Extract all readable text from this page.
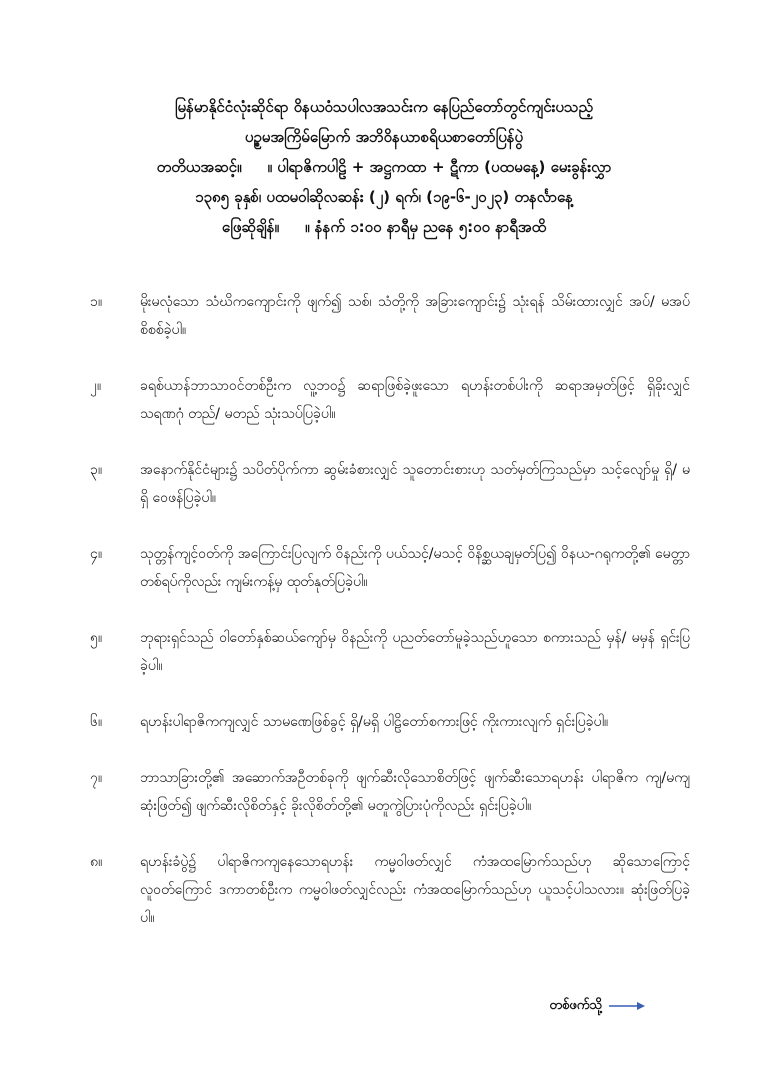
မြန်မာနိုင်ငံလုံးဆိုင်ရာ ဝိနယဝံသပါလအသင်းက နေပြည်တော်တွင်ကျင်းပသည့်
ပဉ္စမအကြိမ်မြောက် အဘိဝိနယာစရိယစာတော်ပြန်ပွဲ
တတိယအဆင့်။ ။ ပါရာဇိကပါဠိ + အဋ္ဌကထာ + ဋီကာ (ပထမနေ့) မေးခွန်းလွှာ
၁၃၈၅ ခုနှစ်၊ ပထမဝါဆိုလဆန်း (၂) ရက်၊ (၁၉-၆-၂၀၂၃) တနင်္လာနေ့
ဖြေဆိုချိန်။ ။ နံနက် ၁:၀၀ နာရီမှ ညနေ ၅:၀၀ နာရီအထိ
၁။	မိုးမလုံသော သံဃိကကျောင်းကို ဖျက်၍ သစ်၊ သံတို့ကို အခြားကျောင်း၌ သုံးရန် သိမ်းထားလျှင် အပ်/ မအပ် စိစစ်ခဲ့ပါ။
၂။	ခရစ်ယာန်ဘာသာဝင်တစ်ဦးက လူ့ဘဝ၌ ဆရာဖြစ်ခဲ့ဖူးသော ရဟန်းတစ်ပါးကို ဆရာအမှတ်ဖြင့် ရှိခိုးလျှင် သရဏဂုံ တည်/ မတည် သုံးသပ်ပြခဲ့ပါ။
၃။	အနောက်နိုင်ငံများ၌ သပိတ်ပိုက်ကာ ဆွမ်းခံစားလျှင် သူတောင်းစားဟု သတ်မှတ်ကြသည်မှာ သင့်လျော်မှု ရှိ/ မရှိ ဝေဖန်ပြခဲ့ပါ။
၄။	သုတ္တန်ကျင့်ဝတ်ကို အကြောင်းပြလျက် ဝိနည်းကို ပယ်သင့်/မသင့် ဝိနိစ္ဆယချမှတ်ပြ၍ ဝိနယ-ဂရုကတို့၏ မေတ္တာတစ်ရပ်ကိုလည်း ကျမ်းကန့်မှ ထုတ်နုတ်ပြခဲ့ပါ။
၅။	ဘုရားရှင်သည် ဝါတော်နှစ်ဆယ်ကျော်မှ ဝိနည်းကို ပညတ်တော်မူခဲ့သည်ဟူသော စကားသည် မှန်/ မမှန် ရှင်းပြခဲ့ပါ။
၆။	ရဟန်းပါရာဇိကကျလျှင် သာမဏေဖြစ်ခွင့် ရှိ/မရှိ ပါဠိတော်စကားဖြင့် ကိုးကားလျက် ရှင်းပြခဲ့ပါ။
၇။	ဘာသာခြားတို့၏ အဆောက်အဦတစ်ခုကို ဖျက်ဆီးလိုသောစိတ်ဖြင့် ဖျက်ဆီးသောရဟန်း ပါရာဇိက ကျ/မကျ ဆုံးဖြတ်၍ ဖျက်ဆီးလိုစိတ်နှင့် ခိုးလိုစိတ်တို့၏ မတူကွဲပြားပုံကိုလည်း ရှင်းပြခဲ့ပါ။
၈။	ရဟန်းခံပွဲ၌ ပါရာဇိကကျနေသောရဟန်း ကမ္မဝါဖတ်လျှင် ကံအထမြောက်သည်ဟု ဆိုသောကြောင့် လူဝတ်ကြောင် ဒကာတစ်ဦးက ကမ္မဝါဖတ်လျှင်လည်း ကံအထမြောက်သည်ဟု ယူသင့်ပါသလား။ ဆုံးဖြတ်ပြခဲ့ပါ။
တစ်ဖက်သို့
